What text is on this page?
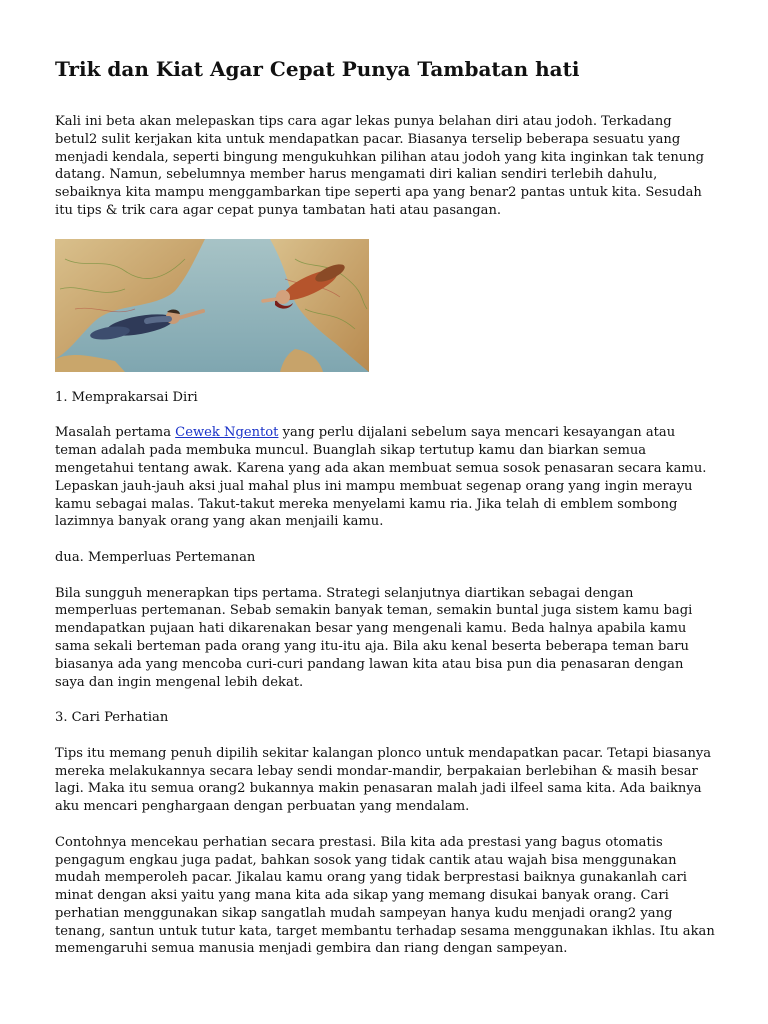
Trik dan Kiat Agar Cepat Punya Tambatan hati

Kali ini beta akan melepaskan tips cara agar lekas punya belahan diri atau jodoh. Terkadang betul2 sulit kerjakan kita untuk mendapatkan pacar. Biasanya terselip beberapa sesuatu yang menjadi kendala, seperti bingung mengukuhkan pilihan atau jodoh yang kita inginkan tak tenung datang. Namun, sebelumnya member harus mengamati diri kalian sendiri terlebih dahulu, sebaiknya kita mampu menggambarkan tipe seperti apa yang benar2 pantas untuk kita. Sesudah itu tips & trik cara agar cepat punya tambatan hati atau pasangan.

1. Memprakarsai Diri

Masalah pertama Cewek Ngentot yang perlu dijalani sebelum saya mencari kesayangan atau teman adalah pada membuka muncul. Buanglah sikap tertutup kamu dan biarkan semua mengetahui tentang awak. Karena yang ada akan membuat semua sosok penasaran secara kamu. Lepaskan jauh-jauh aksi jual mahal plus ini mampu membuat segenap orang yang ingin merayu kamu sebagai malas. Takut-takut mereka menyelami kamu ria. Jika telah di emblem sombong lazimnya banyak orang yang akan menjaili kamu.

dua. Memperluas Pertemanan

Bila sungguh menerapkan tips pertama. Strategi selanjutnya diartikan sebagai dengan memperluas pertemanan. Sebab semakin banyak teman, semakin buntal juga sistem kamu bagi mendapatkan pujaan hati dikarenakan besar yang mengenali kamu. Beda halnya apabila kamu sama sekali berteman pada orang yang itu-itu aja. Bila aku kenal beserta beberapa teman baru biasanya ada yang mencoba curi-curi pandang lawan kita atau bisa pun dia penasaran dengan saya dan ingin mengenal lebih dekat.

3. Cari Perhatian

Tips itu memang penuh dipilih sekitar kalangan ploncо untuk mendapatkan pacar. Tetapi biasanya mereka melakukannya secara lebay sendi mondar-mandir, berpakaian berlebihan & masih besar lagi. Maka itu semua orang2 bukannya makin penasaran malah jadi ilfeel sama kita. Ada baiknya aku mencari penghargaan dengan perbuatan yang mendalam.

Contohnya mencekau perhatian secara prestasi. Bila kita ada prestasi yang bagus otomatis pengagum engkau juga padat, bahkan sosok yang tidak cantik atau wajah bisa menggunakan mudah memperoleh pacar. Jikalau kamu orang yang tidak berprestasi baiknya gunakanlah cari minat dengan aksi yaitu yang mana kita ada sikap yang memang disukai banyak orang. Cari perhatian menggunakan sikap sangatlah mudah sampeyan hanya kudu menjadi orang2 yang tenang, santun untuk tutur kata, target membantu terhadap sesama menggunakan ikhlas. Itu akan memengaruhi semua manusia menjadi gembira dan riang dengan sampeyan.
